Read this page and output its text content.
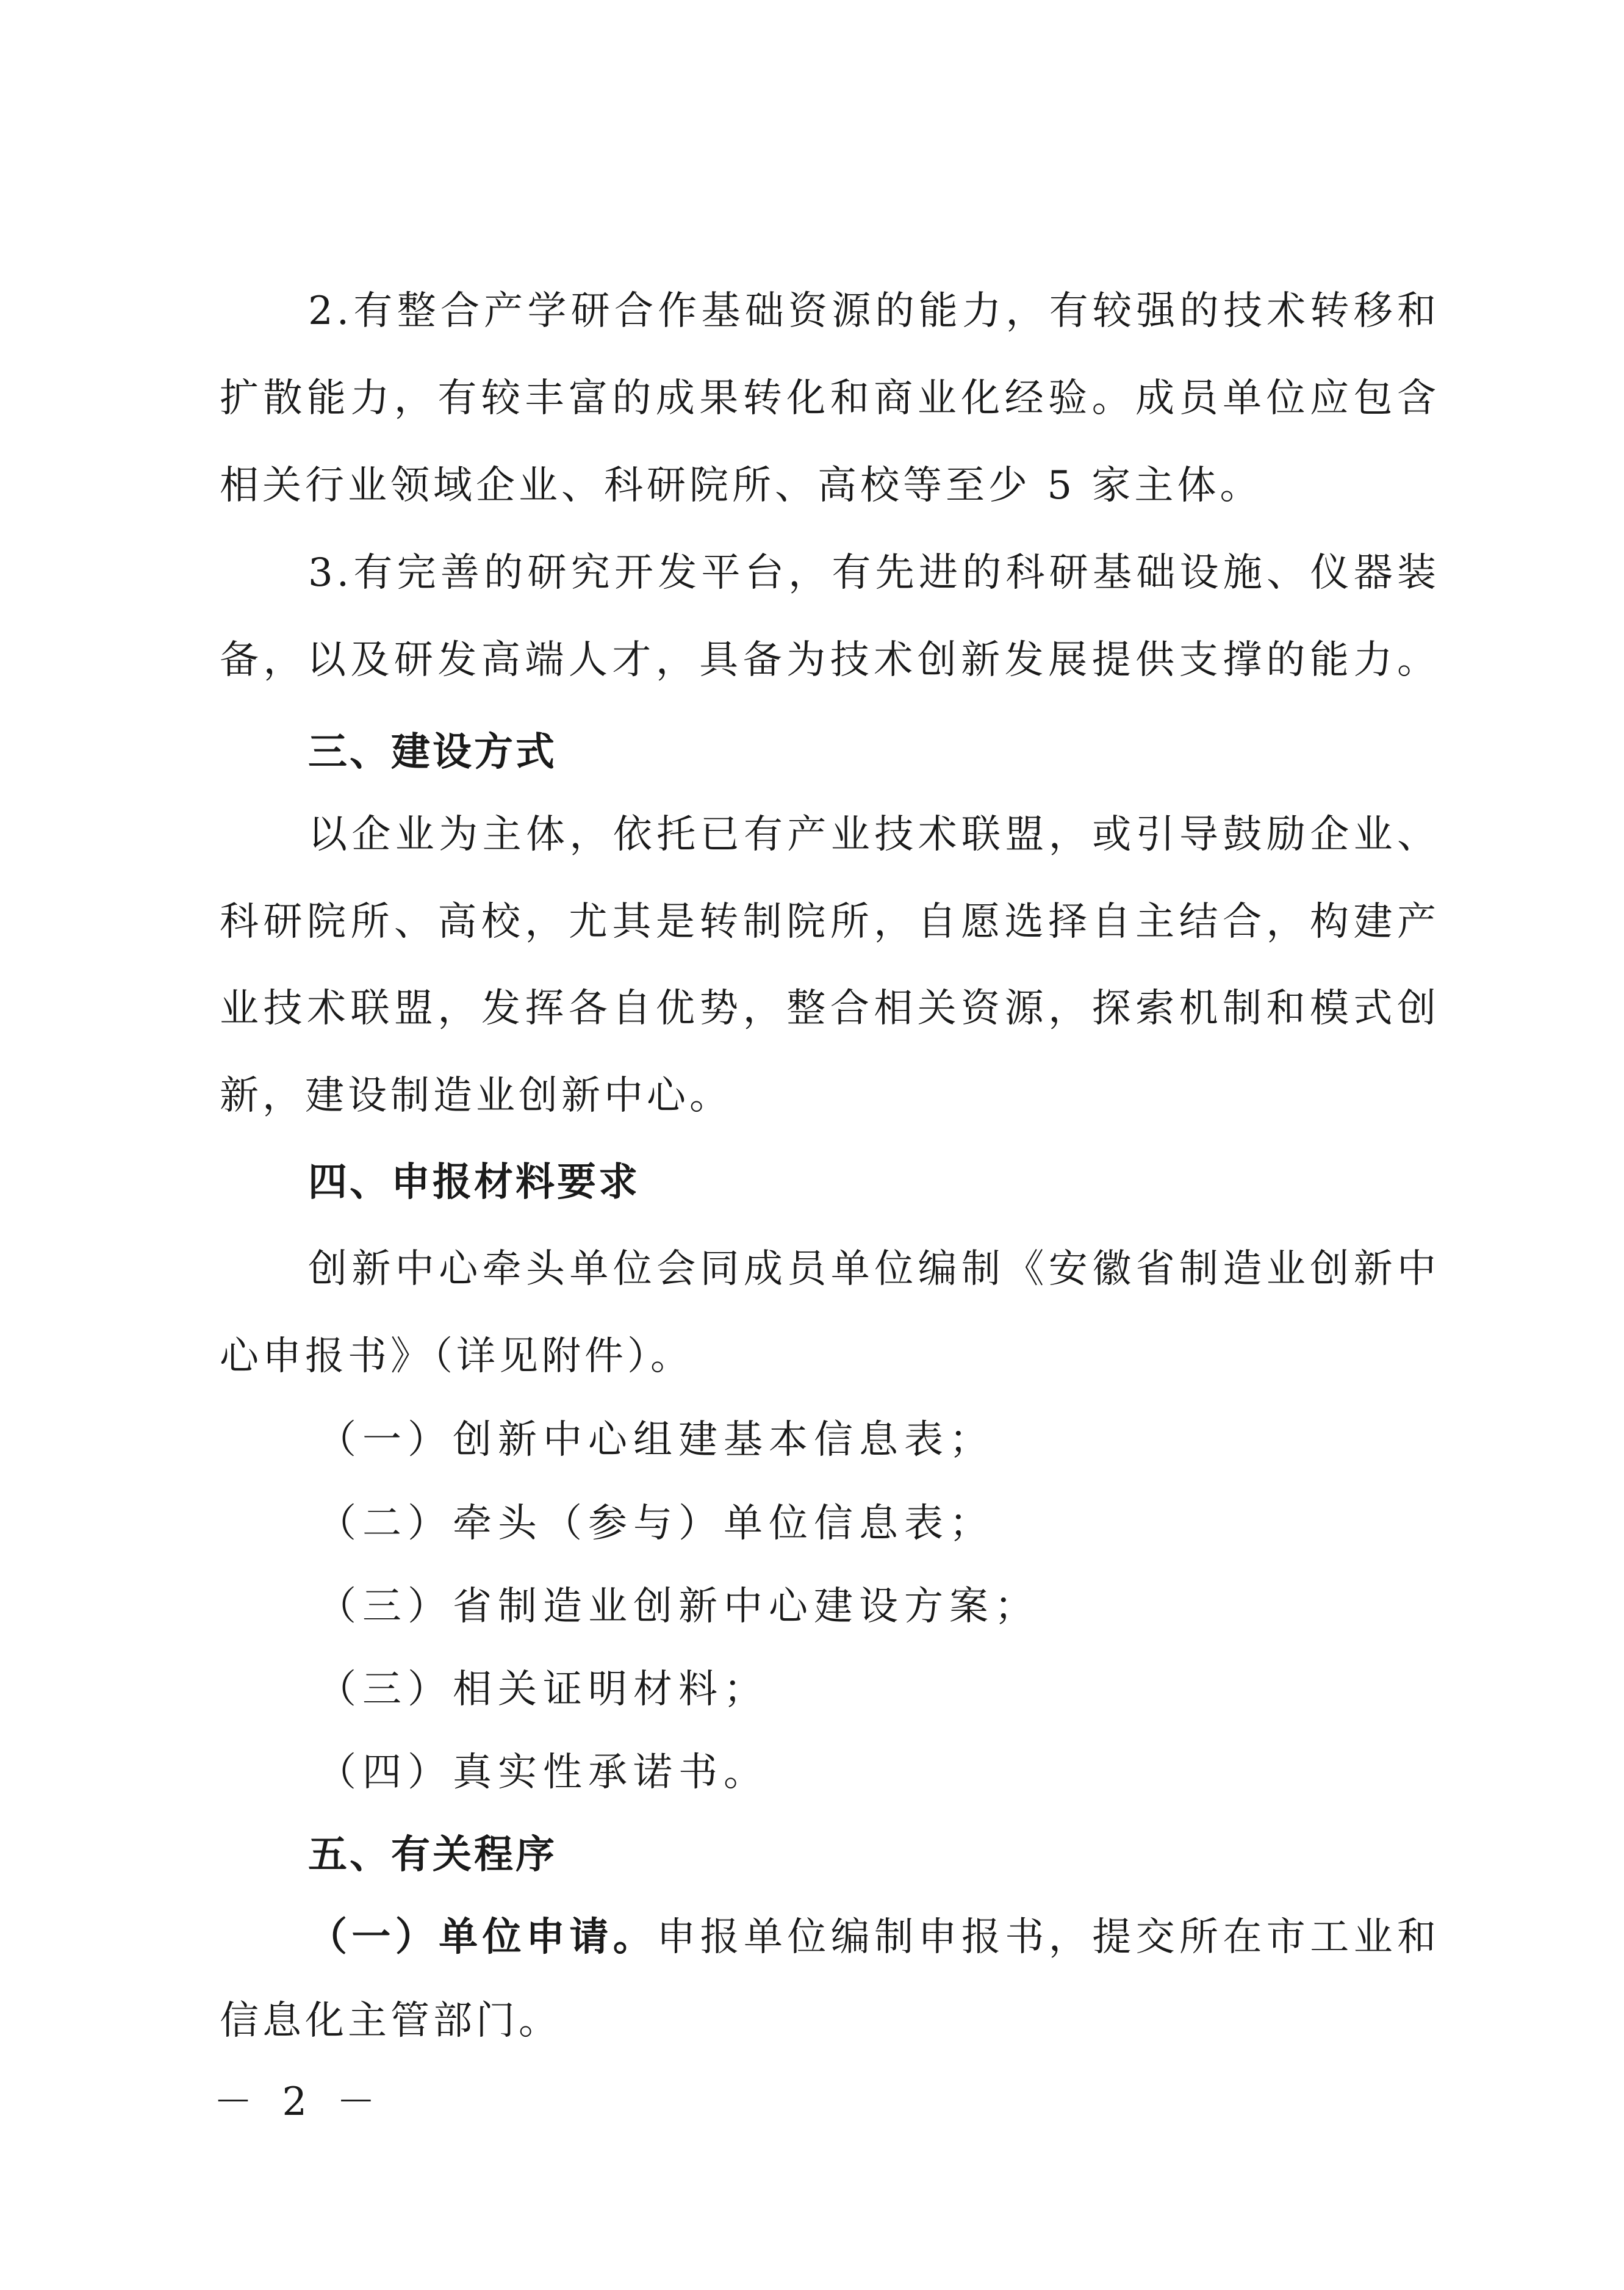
2.有整合产学研合作基础资源的能力，有较强的技术转移和
扩散能力，有较丰富的成果转化和商业化经验。成员单位应包含
相关行业领域企业、科研院所、高校等至少 5 家主体。
3.有完善的研究开发平台，有先进的科研基础设施、仪器装
备，以及研发高端人才，具备为技术创新发展提供支撑的能力。
三、建设方式
以企业为主体，依托已有产业技术联盟，或引导鼓励企业、
科研院所、高校，尤其是转制院所，自愿选择自主结合，构建产
业技术联盟，发挥各自优势，整合相关资源，探索机制和模式创
新，建设制造业创新中心。
四、申报材料要求
创新中心牵头单位会同成员单位编制《安徽省制造业创新中
心申报书》（详见附件）。
（一）创新中心组建基本信息表；
（二）牵头（参与）单位信息表；
（三）省制造业创新中心建设方案；
（三）相关证明材料；
（四）真实性承诺书。
五、有关程序
（一）单位申请。申报单位编制申报书，提交所在市工业和
信息化主管部门。
－ 2 －
